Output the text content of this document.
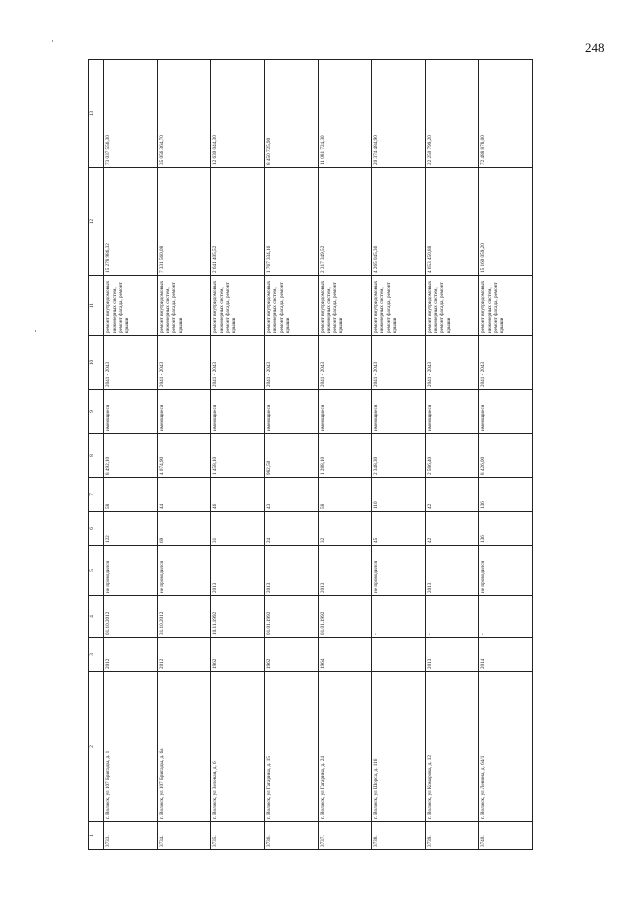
248
1	2	3	4	5	6	7	8	9	10	11	12	13
3733.	г. Волжск, ул 107 Бригады, д. 1	2012	01.10.2012	не проводился	122	58	8 492,10	имеющиеся	2041 - 2043	ремонт внутридомовых инженерных систем, ремонт фасада, ремонт крыши	15 278 986,32	73 037 556,30
3734.	г. Волжск, ул 107 Бригады, д. 6а	2012	31.10.2012	не проводился	69	44	4 074,90	имеющиеся	2041 - 2043	ремонт внутридомовых инженерных систем, ремонт фасада, ремонт крыши	7 331 560,08	35 056 364,70
3735.	г. Волжск, ул Зеленая, д. 6	1962	10.11.1992	2013	31	46	1 458,10	имеющиеся	2041 - 2043	ремонт внутридомовых инженерных систем, ремонт фасада, ремонт крыши	2 641 405,52	12 630 044,30
3736.	г. Волжск, ул Гагарина, д. 15	1962	01.01.1992	2013	24	43	982,50	имеющиеся	2041 - 2043	ремонт внутридомовых инженерных систем, ремонт фасада, ремонт крыши	1 767 334,16	8 450 725,90
3737.	г. Волжск, ул Гагарина, д. 24	1964	01.01.1992	2013	32	58	1 288,10	имеющиеся	2041 - 2043	ремонт внутридомовых инженерных систем, ремонт фасада, ремонт крыши	2 317 349,52	11 081 724,30
3738.	г. Волжск, ул Шорса, д. 116		-	не проводился	45	110	2 348,30	имеющиеся	2041 - 2043	ремонт внутридомовых инженерных систем, ремонт фасада, ремонт крыши	4 265 045,36	20 374 484,90
3739.	г. Волжск, ул Комарова, д. 12	2013	-	2013	42	42	2 586,40	имеющиеся	2041 - 2043	ремонт внутридомовых инженерных систем, ремонт фасада, ремонт крыши	4 653 450,88	22 250 799,20
3740.	г. Волжск, ул Ленина, д. 64/1	2014	-	не проводился	136	136	8 426,00	имеющиеся	2041 - 2043	ремонт внутридомовых инженерных систем, ремонт фасада, ремонт крыши	15 160 059,20	72 488 878,00
